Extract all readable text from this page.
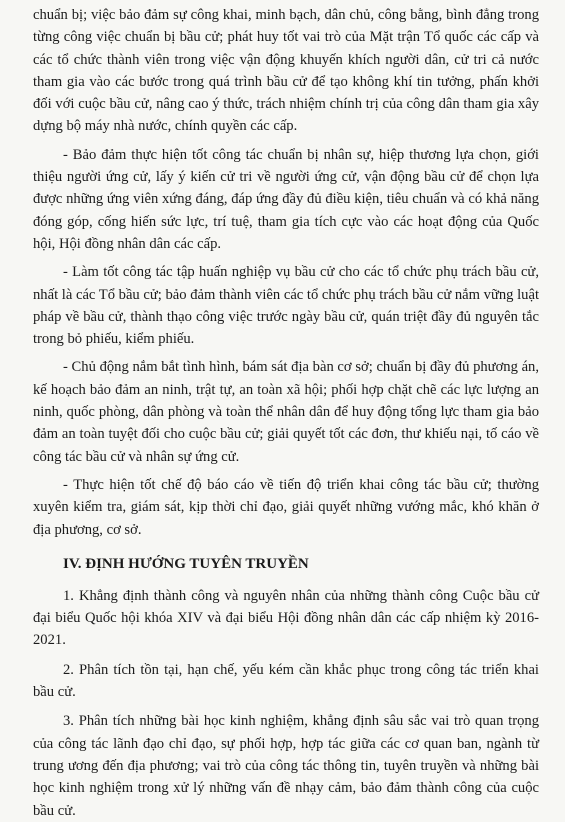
chuẩn bị; việc bảo đảm sự công khai, minh bạch, dân chủ, công bằng, bình đẳng trong từng công việc chuẩn bị bầu cử; phát huy tốt vai trò của Mặt trận Tổ quốc các cấp và các tổ chức thành viên trong việc vận động khuyến khích người dân, cử tri cả nước tham gia vào các bước trong quá trình bầu cử để tạo không khí tin tưởng, phấn khởi đối với cuộc bầu cử, nâng cao ý thức, trách nhiệm chính trị của công dân tham gia xây dựng bộ máy nhà nước, chính quyền các cấp.

- Bảo đảm thực hiện tốt công tác chuẩn bị nhân sự, hiệp thương lựa chọn, giới thiệu người ứng cử, lấy ý kiến cử tri về người ứng cử, vận động bầu cử để chọn lựa được những ứng viên xứng đáng, đáp ứng đầy đủ điều kiện, tiêu chuẩn và có khả năng đóng góp, cống hiến sức lực, trí tuệ, tham gia tích cực vào các hoạt động của Quốc hội, Hội đồng nhân dân các cấp.

- Làm tốt công tác tập huấn nghiệp vụ bầu cử cho các tổ chức phụ trách bầu cử, nhất là các Tổ bầu cử; bảo đảm thành viên các tổ chức phụ trách bầu cử nắm vững luật pháp về bầu cử, thành thạo công việc trước ngày bầu cử, quán triệt đầy đủ nguyên tắc trong bỏ phiếu, kiểm phiếu.

- Chủ động nắm bắt tình hình, bám sát địa bàn cơ sở; chuẩn bị đầy đủ phương án, kế hoạch bảo đảm an ninh, trật tự, an toàn xã hội; phối hợp chặt chẽ các lực lượng an ninh, quốc phòng, dân phòng và toàn thể nhân dân để huy động tổng lực tham gia bảo đảm an toàn tuyệt đối cho cuộc bầu cử; giải quyết tốt các đơn, thư khiếu nại, tố cáo về công tác bầu cử và nhân sự ứng cử.

- Thực hiện tốt chế độ báo cáo về tiến độ triển khai công tác bầu cử; thường xuyên kiểm tra, giám sát, kịp thời chỉ đạo, giải quyết những vướng mắc, khó khăn ở địa phương, cơ sở.

IV. ĐỊNH HƯỚNG TUYÊN TRUYỀN

1. Khẳng định thành công và nguyên nhân của những thành công Cuộc bầu cử đại biểu Quốc hội khóa XIV và đại biểu Hội đồng nhân dân các cấp nhiệm kỳ 2016-2021.

2. Phân tích tồn tại, hạn chế, yếu kém cần khắc phục trong công tác triển khai bầu cử.

3. Phân tích những bài học kinh nghiệm, khẳng định sâu sắc vai trò quan trọng của công tác lãnh đạo chỉ đạo, sự phối hợp, hợp tác giữa các cơ quan ban, ngành từ trung ương đến địa phương; vai trò của công tác thông tin, tuyên truyền và những bài học kinh nghiệm trong xử lý những vấn đề nhạy cảm, bảo đảm thành công của cuộc bầu cử.
